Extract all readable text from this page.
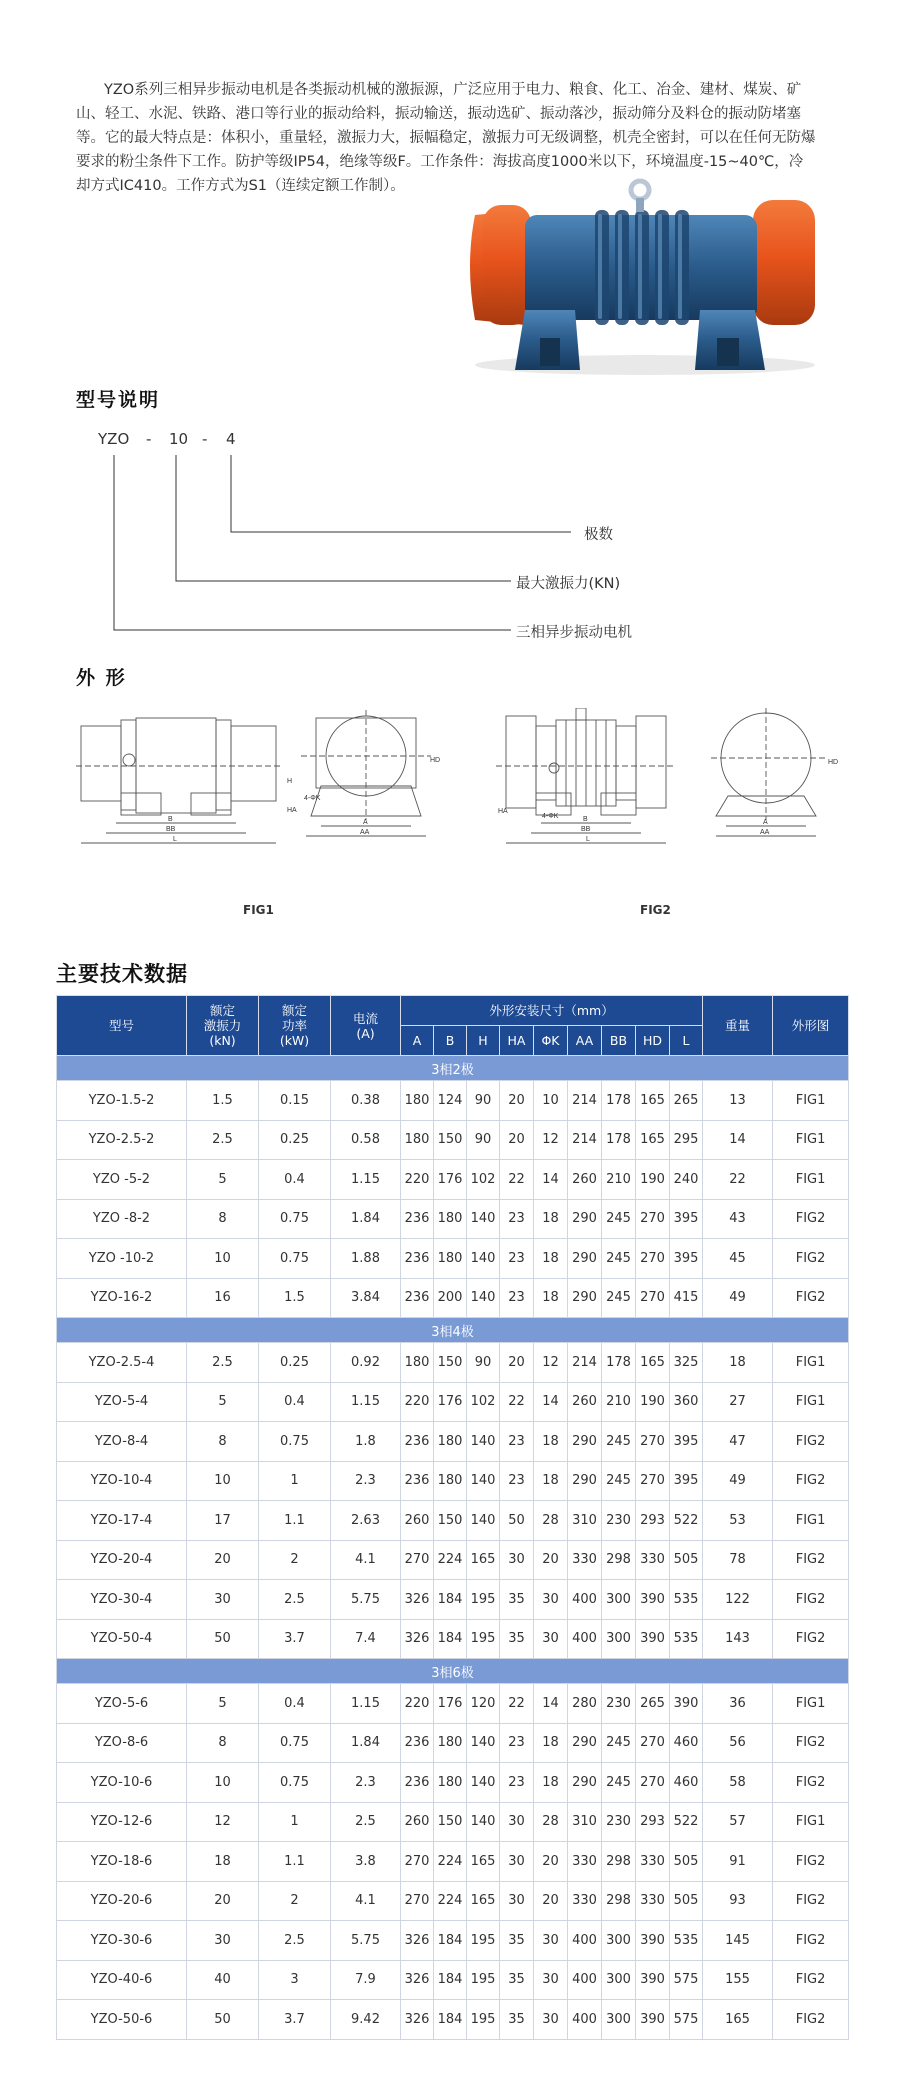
YZO系列三相异步振动电机是各类振动机械的激振源，广泛应用于电力、粮食、化工、冶金、建材、煤炭、矿山、轻工、水泥、铁路、港口等行业的振动给料，振动输送，振动选矿、振动落沙，振动筛分及料仓的振动防堵塞等。它的最大特点是：体积小，重量轻，激振力大，振幅稳定，激振力可无级调整，机壳全密封，可以在任何无防爆要求的粉尘条件下工作。防护等级IP54，绝缘等级F。工作条件：海拔高度1000米以下，环境温度-15~40℃，冷却方式IC410。工作方式为S1（连续定额工作制）。

型号说明
YZO - 10 - 4
极数
最大激振力(KN)
三相异步振动电机
外 形
B
BB
L
H
HA
4-ΦK
HD
A
AA
B
BB
L
HA
4-ΦK
HD
A
AA
FIG1	FIG2
主要技术数据
型号	额定
激振力
(kN)	额定
功率
(kW)	电流
(A)	外形安装尺寸（mm）									重量	外形图
				A	B	H	HA	ΦK	AA	BB	HD	L		
3相2极														
YZO-1.5-2	1.5	0.15	0.38	180	124	90	20	10	214	178	165	265	13	FIG1
YZO-2.5-2	2.5	0.25	0.58	180	150	90	20	12	214	178	165	295	14	FIG1
YZO -5-2	5	0.4	1.15	220	176	102	22	14	260	210	190	240	22	FIG1
YZO -8-2	8	0.75	1.84	236	180	140	23	18	290	245	270	395	43	FIG2
YZO -10-2	10	0.75	1.88	236	180	140	23	18	290	245	270	395	45	FIG2
YZO-16-2	16	1.5	3.84	236	200	140	23	18	290	245	270	415	49	FIG2
3相4极														
YZO-2.5-4	2.5	0.25	0.92	180	150	90	20	12	214	178	165	325	18	FIG1
YZO-5-4	5	0.4	1.15	220	176	102	22	14	260	210	190	360	27	FIG1
YZO-8-4	8	0.75	1.8	236	180	140	23	18	290	245	270	395	47	FIG2
YZO-10-4	10	1	2.3	236	180	140	23	18	290	245	270	395	49	FIG2
YZO-17-4	17	1.1	2.63	260	150	140	50	28	310	230	293	522	53	FIG1
YZO-20-4	20	2	4.1	270	224	165	30	20	330	298	330	505	78	FIG2
YZO-30-4	30	2.5	5.75	326	184	195	35	30	400	300	390	535	122	FIG2
YZO-50-4	50	3.7	7.4	326	184	195	35	30	400	300	390	535	143	FIG2
3相6极														
YZO-5-6	5	0.4	1.15	220	176	120	22	14	280	230	265	390	36	FIG1
YZO-8-6	8	0.75	1.84	236	180	140	23	18	290	245	270	460	56	FIG2
YZO-10-6	10	0.75	2.3	236	180	140	23	18	290	245	270	460	58	FIG2
YZO-12-6	12	1	2.5	260	150	140	30	28	310	230	293	522	57	FIG1
YZO-18-6	18	1.1	3.8	270	224	165	30	20	330	298	330	505	91	FIG2
YZO-20-6	20	2	4.1	270	224	165	30	20	330	298	330	505	93	FIG2
YZO-30-6	30	2.5	5.75	326	184	195	35	30	400	300	390	535	145	FIG2
YZO-40-6	40	3	7.9	326	184	195	35	30	400	300	390	575	155	FIG2
YZO-50-6	50	3.7	9.42	326	184	195	35	30	400	300	390	575	165	FIG2
